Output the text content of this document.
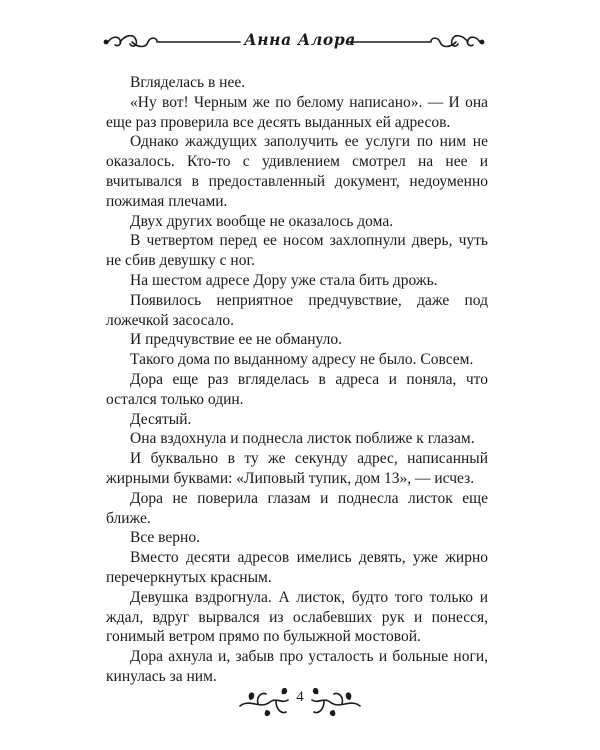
Анна Алора

Вгляделась в нее.

«Ну вот! Черным же по белому написано». — И она еще раз проверила все десять выданных ей адресов.

Однако жаждущих заполучить ее услуги по ним не оказалось. Кто-то с удивлением смотрел на нее и вчитывался в предоставленный документ, недоуменно пожимая плечами.

Двух других вообще не оказалось дома.

В четвертом перед ее носом захлопнули дверь, чуть не сбив девушку с ног.

На шестом адресе Дору уже стала бить дрожь.

Появилось неприятное предчувствие, даже под ложечкой засосало.

И предчувствие ее не обмануло.

Такого дома по выданному адресу не было. Совсем.

Дора еще раз вгляделась в адреса и поняла, что остался только один.

Десятый.

Она вздохнула и поднесла листок поближе к глазам.

И буквально в ту же секунду адрес, написанный жирными буквами: «Липовый тупик, дом 13», — исчез.

Дора не поверила глазам и поднесла листок еще ближе.

Все верно.

Вместо десяти адресов имелись девять, уже жирно перечеркнутых красным.

Девушка вздрогнула. А листок, будто того только и ждал, вдруг вырвался из ослабевших рук и понесся, гонимый ветром прямо по булыжной мостовой.

Дора ахнула и, забыв про усталость и больные ноги, кинулась за ним.

4
